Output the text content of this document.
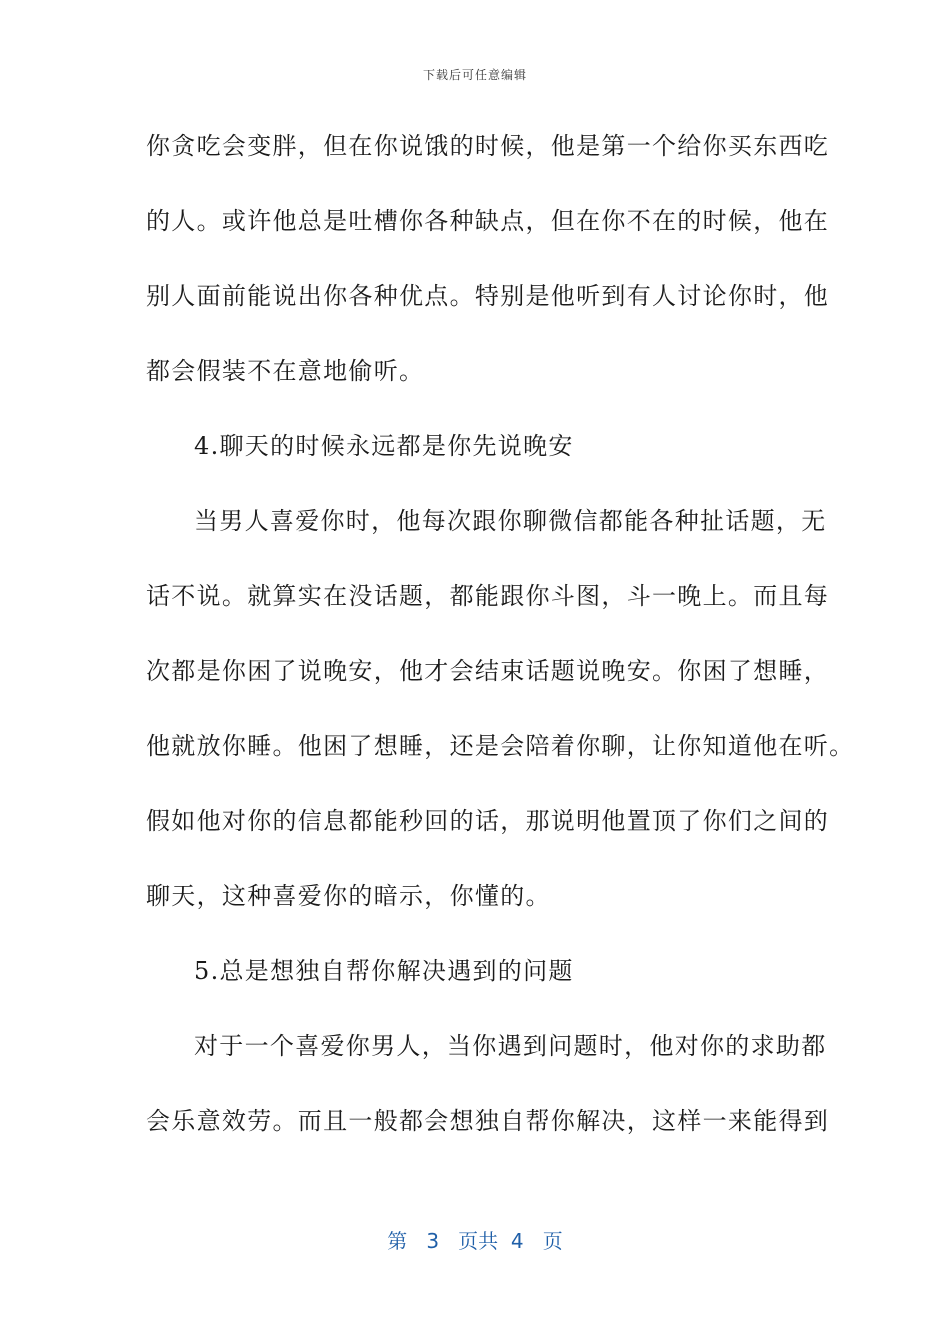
下载后可任意编辑
你贪吃会变胖，但在你说饿的时候，他是第一个给你买东西吃
的人。或许他总是吐槽你各种缺点，但在你不在的时候，他在
别人面前能说出你各种优点。特别是他听到有人讨论你时，他
都会假装不在意地偷听。
4.聊天的时候永远都是你先说晚安
当男人喜爱你时，他每次跟你聊微信都能各种扯话题，无
话不说。就算实在没话题，都能跟你斗图，斗一晚上。而且每
次都是你困了说晚安，他才会结束话题说晚安。你困了想睡，
他就放你睡。他困了想睡，还是会陪着你聊，让你知道他在听。
假如他对你的信息都能秒回的话，那说明他置顶了你们之间的
聊天，这种喜爱你的暗示，你懂的。
5.总是想独自帮你解决遇到的问题
对于一个喜爱你男人，当你遇到问题时，他对你的求助都
会乐意效劳。而且一般都会想独自帮你解决，这样一来能得到
第 3 页共 4 页
